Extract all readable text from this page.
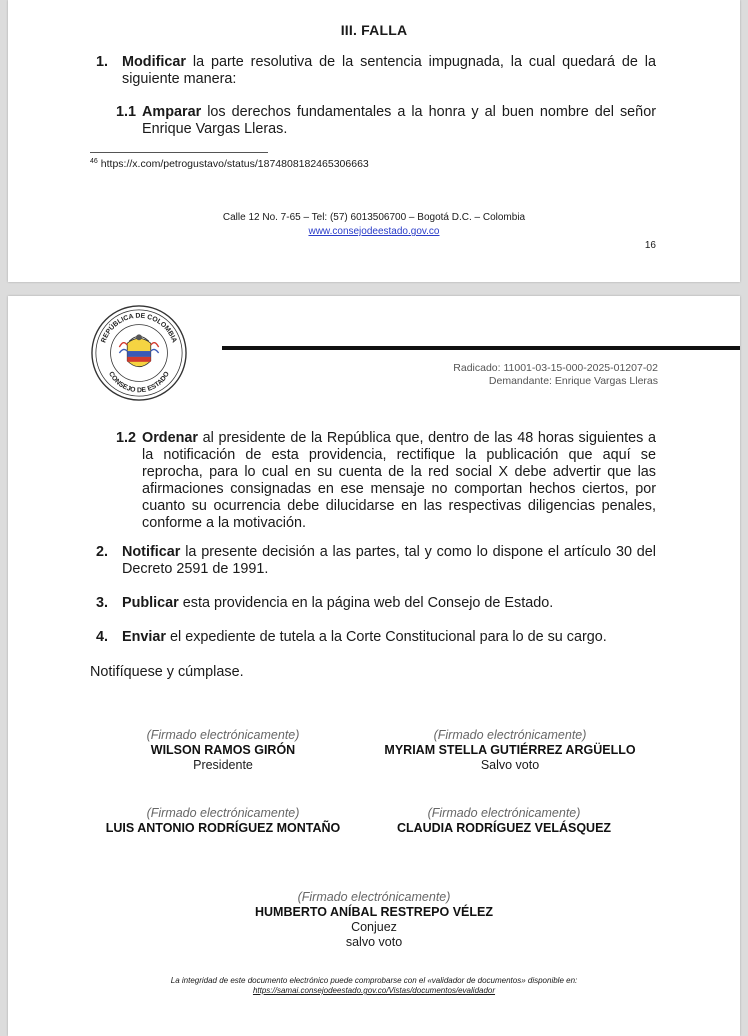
III. FALLA
1. Modificar la parte resolutiva de la sentencia impugnada, la cual quedará de la siguiente manera:
1.1 Amparar los derechos fundamentales a la honra y al buen nombre del señor Enrique Vargas Lleras.
$^{46}$ https://x.com/petrogustavo/status/1874808182465306663
Calle 12 No. 7-65 – Tel: (57) 6013506700 – Bogotá D.C. – Colombia
www.consejodeestado.gov.co
16
REPÚBLICA DE COLOMBIA
CONSEJO DE ESTADO
Radicado: 11001-03-15-000-2025-01207-02
Demandante: Enrique Vargas Lleras
1.2 Ordenar al presidente de la República que, dentro de las 48 horas siguientes a la notificación de esta providencia, rectifique la publicación que aquí se reprocha, para lo cual en su cuenta de la red social X debe advertir que las afirmaciones consignadas en ese mensaje no comportan hechos ciertos, por cuanto su ocurrencia debe dilucidarse en las respectivas diligencias penales, conforme a la motivación.
2. Notificar la presente decisión a las partes, tal y como lo dispone el artículo 30 del Decreto 2591 de 1991.
3. Publicar esta providencia en la página web del Consejo de Estado.
4. Enviar el expediente de tutela a la Corte Constitucional para lo de su cargo.
Notifíquese y cúmplase.
(Firmado electrónicamente)
WILSON RAMOS GIRÓN
Presidente
(Firmado electrónicamente)
MYRIAM STELLA GUTIÉRREZ ARGÜELLO
Salvo voto
(Firmado electrónicamente)
LUIS ANTONIO RODRÍGUEZ MONTAÑO
(Firmado electrónicamente)
CLAUDIA RODRÍGUEZ VELÁSQUEZ
(Firmado electrónicamente)
HUMBERTO ANÍBAL RESTREPO VÉLEZ
Conjuez
salvo voto
La integridad de este documento electrónico puede comprobarse con el «validador de documentos» disponible en:
https://samai.consejodeestado.gov.co/Vistas/documentos/evalidador
